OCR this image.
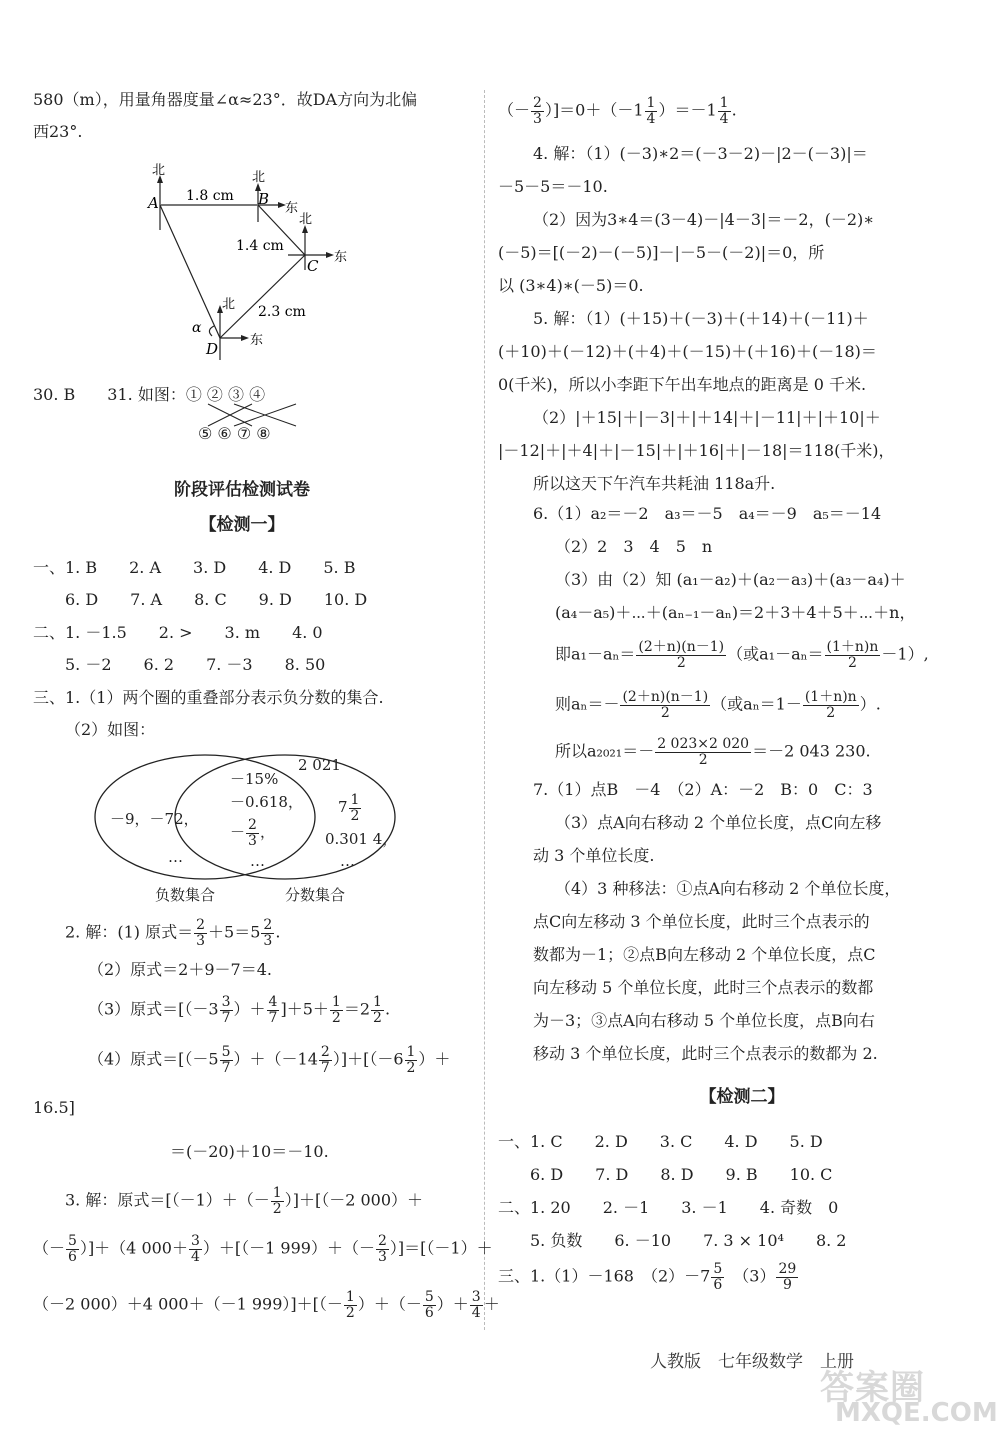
580（m），用量角器度量∠α≈23°．故DA方向为北偏
西23°.
北	北
北
北
东
东
东
A	B
C
D
α
1.8 cm
1.4 cm
2.3 cm
30. B　　31. 如图：① ② ③ ④
⑤ ⑥ ⑦ ⑧
阶段评估检测试卷
【检测一】
一、1. B　　2. A　　3. D　　4. D　　5. B
6. D　　7. A　　8. C　　9. D　　10. D
二、1. －1.5　　2. >　　3. m　　4. 0
5. －2　　6. 2　　7. －3　　8. 50
三、1.（1）两个圈的重叠部分表示负分数的集合.
（2）如图：
－9，－72，
…
－15%
－0.618，
－ $\frac{2}{3}$ ，
…
2 021
$7 \frac{1}{2}$
0.301 4，
…
负数集合	分数集合
2. 解：(1) 原式＝ $\frac{2}{3} +5=5 \frac{2}{3}$ .
（2）原式＝2＋9－7＝4.
（3）原式$=[(-3 \frac{3}{7}$ ）＋ $\frac{4}{7} ]+5+ \frac{1}{2} =2 \frac{1}{2}$ .
（4）原式$=[(-5 \frac{5}{7} )+(-14 \frac{2}{7} )]+[(-6 \frac{1}{2}$ ）＋
16.5]
＝(－20)＋10＝－10.
3. 解：原式$=[(-1)+(- \frac{1}{2} )]+[(-2$ 000）＋
（－ $\frac{5}{6} )]+(4$ $000+ \frac{3}{4} )+[(-1$ $999)+(- \frac{2}{3} )]=[(-1)+$
（－2 000）＋4 000＋（－1 $999)]+[(- \frac{1}{2}$ ）＋（－ $\frac{5}{6}$ ）＋ $\frac{3}{4}$ ＋
（－ $\frac{2}{3} )]=0+(-1 \frac{1}{4} )=-1 \frac{1}{4}$ .
4. 解：（1）(－3)∗2＝(－3－2)－|2－(－3)|＝
－5－5＝－10.
（2）因为3∗4＝(3－4)－|4－3|＝－2，(－2)∗
(－5)＝[(－2)－(－5)]－|－5－(－2)|＝0，所
以 (3∗4)∗(－5)＝0.
5. 解：（1）(＋15)＋(－3)＋(＋14)＋(－11)＋
(＋10)＋(－12)＋(＋4)＋(－15)＋(＋16)＋(－18)＝
0(千米)，所以小李距下午出车地点的距离是 0 千米.
（2）|＋15|＋|－3|＋|＋14|＋|－11|＋|＋10|＋
|－12|＋|＋4|＋|－15|＋|＋16|＋|－18|＝118(千米)，
所以这天下午汽车共耗油 118a升.
6.（1）a₂＝－2　a₃＝－5　a₄＝－9　a₅＝－14
（2）2　3　4　5　n
（3）由（2）知 (a₁－a₂)＋(a₂－a₃)＋(a₃－a₄)＋
(a₄－a₅)＋⋯＋(aₙ₋₁－aₙ)＝2＋3＋4＋5＋⋯＋n，
即$a_1-a_n= \frac{(2+n)(n-1)}{2}$ （或$a_1-a_n= \frac{(1+n)n}{2} -1$）,
则$a_n=- \frac{(2+n)(n-1)}{2}$ （或$a_n=1- \frac{(1+n)n}{2}$ ）.
所以$a_{2021}=- \frac{2 023\times 2 020}{2} =-2$ 043 230.
7.（1）点B　－4　（2）A：－2　B：0　C：3
（3）点A向右移动 2 个单位长度，点C向左移
动 3 个单位长度.
（4）3 种移法：①点A向右移动 2 个单位长度，
点C向左移动 3 个单位长度，此时三个点表示的
数都为－1；②点B向左移动 2 个单位长度，点C
向左移动 5 个单位长度，此时三个点表示的数都
为－3；③点A向右移动 5 个单位长度，点B向右
移动 3 个单位长度，此时三个点表示的数都为 2.
【检测二】
一、1. C　　2. D　　3. C　　4. D　　5. D
6. D　　7. D　　8. D　　9. B　　10. C
二、1. 20　　2. －1　　3. －1　　4. 奇数　0
5. 负数　　6. －10　　7. 3 × 10⁴　　8. 2
三、1.（1）－168　$(2)-7 \frac{5}{6}$
　 $(3) \frac{29}{9}$
人教版　七年级数学　上册
答案圈
MXQE.COM
